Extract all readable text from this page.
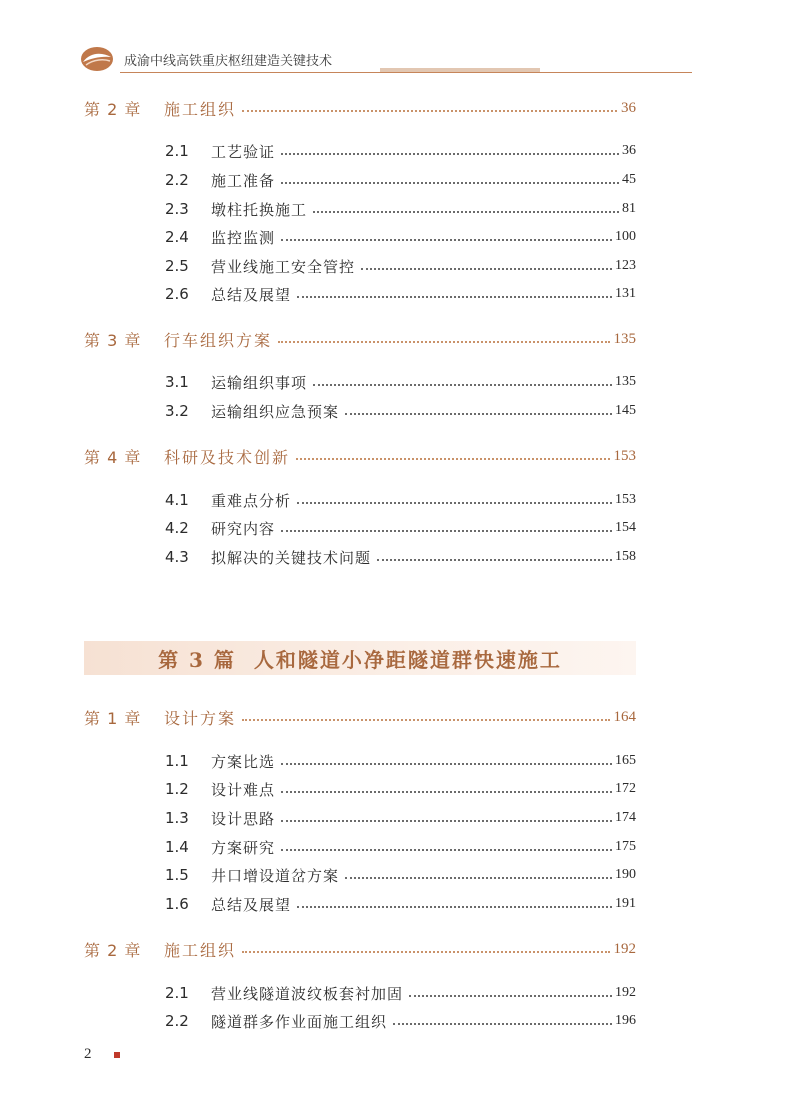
成渝中线高铁重庆枢纽建造关键技术
第 2 章	施工组织	36
2.1	工艺验证	36
2.2	施工准备	45
2.3	墩柱托换施工	81
2.4	监控监测	100
2.5	营业线施工安全管控	123
2.6	总结及展望	131
第 3 章	行车组织方案	135
3.1	运输组织事项	135
3.2	运输组织应急预案	145
第 4 章	科研及技术创新	153
4.1	重难点分析	153
4.2	研究内容	154
4.3	拟解决的关键技术问题	158
第 1 章	设计方案	164
1.1	方案比选	165
1.2	设计难点	172
1.3	设计思路	174
1.4	方案研究	175
1.5	井口增设道岔方案	190
1.6	总结及展望	191
第 2 章	施工组织	192
2.1	营业线隧道波纹板套衬加固	192
2.2	隧道群多作业面施工组织	196
第 3 篇 人和隧道小净距隧道群快速施工
2
